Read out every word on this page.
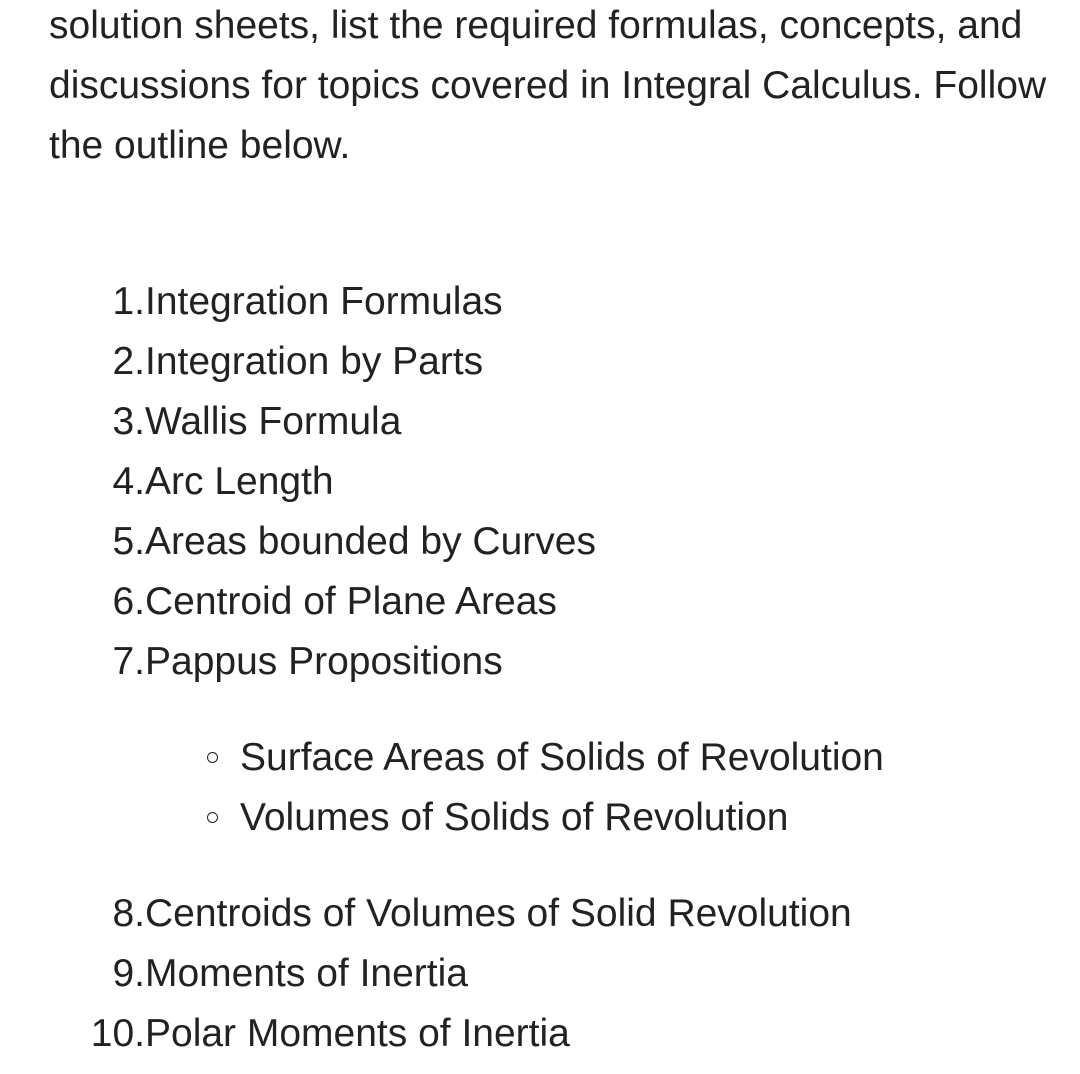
solution sheets, list the required formulas, concepts, and discussions for topics covered in Integral Calculus. Follow the outline below.

1. Integration Formulas
2. Integration by Parts
3. Wallis Formula
4. Arc Length
5. Areas bounded by Curves
6. Centroid of Plane Areas
7. Pappus Propositions
Surface Areas of Solids of Revolution
Volumes of Solids of Revolution
8. Centroids of Volumes of Solid Revolution
9. Moments of Inertia
10. Polar Moments of Inertia
